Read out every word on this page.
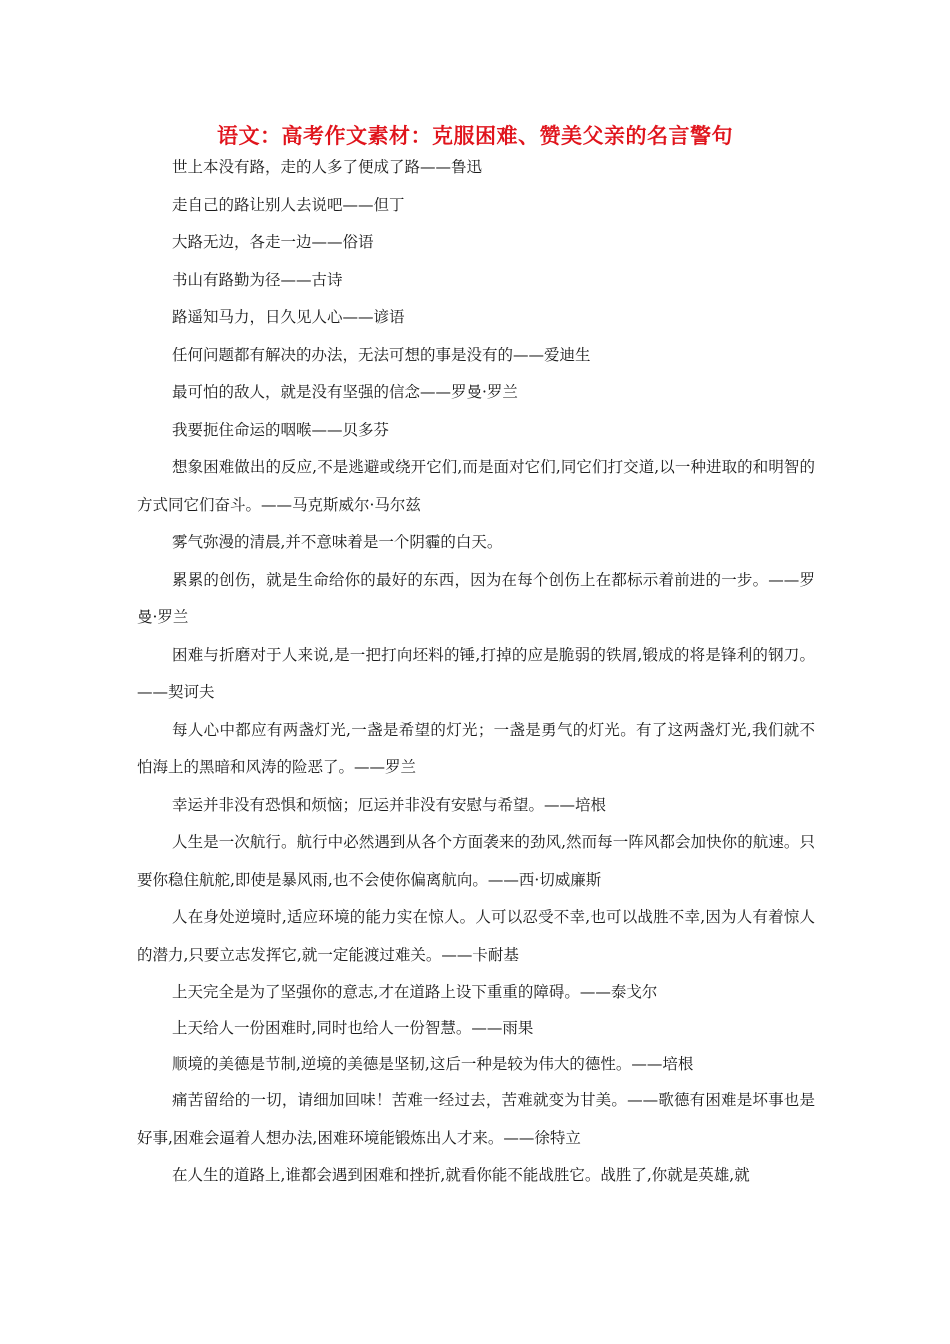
语文：高考作文素材：克服困难、赞美父亲的名言警句

世上本没有路，走的人多了便成了路——鲁迅

走自己的路让别人去说吧——但丁

大路无边，各走一边——俗语

书山有路勤为径——古诗

路遥知马力，日久见人心——谚语

任何问题都有解决的办法，无法可想的事是没有的——爱迪生

最可怕的敌人，就是没有坚强的信念——罗曼·罗兰

我要扼住命运的咽喉——贝多芬

想象困难做出的反应,不是逃避或绕开它们,而是面对它们,同它们打交道,以一种进取的和明智的方式同它们奋斗。——马克斯威尔·马尔兹

雾气弥漫的清晨,并不意味着是一个阴霾的白天。

累累的创伤，就是生命给你的最好的东西，因为在每个创伤上在都标示着前进的一步。——罗曼·罗兰

困难与折磨对于人来说,是一把打向坯料的锤,打掉的应是脆弱的铁屑,锻成的将是锋利的钢刀。——契诃夫

每人心中都应有两盏灯光,一盏是希望的灯光；一盏是勇气的灯光。有了这两盏灯光,我们就不怕海上的黑暗和风涛的险恶了。——罗兰

幸运并非没有恐惧和烦恼；厄运并非没有安慰与希望。——培根

人生是一次航行。航行中必然遇到从各个方面袭来的劲风,然而每一阵风都会加快你的航速。只要你稳住航舵,即使是暴风雨,也不会使你偏离航向。——西·切威廉斯

人在身处逆境时,适应环境的能力实在惊人。人可以忍受不幸,也可以战胜不幸,因为人有着惊人的潜力,只要立志发挥它,就一定能渡过难关。——卡耐基

上天完全是为了坚强你的意志,才在道路上设下重重的障碍。——泰戈尔

上天给人一份困难时,同时也给人一份智慧。——雨果

顺境的美德是节制,逆境的美德是坚韧,这后一种是较为伟大的德性。——培根

痛苦留给的一切，请细加回味！苦难一经过去，苦难就变为甘美。——歌德有困难是坏事也是好事,困难会逼着人想办法,困难环境能锻炼出人才来。——徐特立

在人生的道路上,谁都会遇到困难和挫折,就看你能不能战胜它。战胜了,你就是英雄,就
